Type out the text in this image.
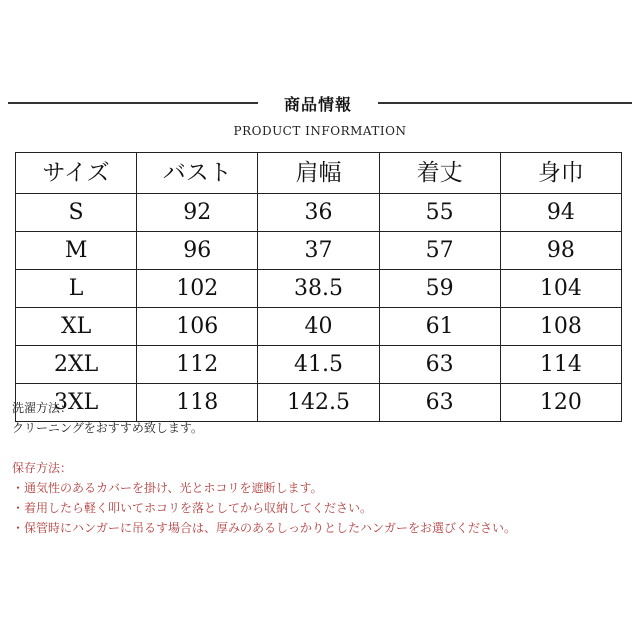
商品情報
PRODUCT INFORMATION
サイズ	バスト	肩幅	着丈	身巾
S	92	36	55	94
M	96	37	57	98
L	102	38.5	59	104
XL	106	40	61	108
2XL	112	41.5	63	114
3XL	118	142.5	63	120
洗濯方法：
クリーニングをおすすめ致します。
保存方法：
・ 通気性のあるカバーを掛け、光とホコリを遮断します。
・ 着用したら軽く叩いてホコリを落としてから収納してください。
・ 保管時にハンガーに吊るす場合は、厚みのあるしっかりとしたハンガーをお選びください。
